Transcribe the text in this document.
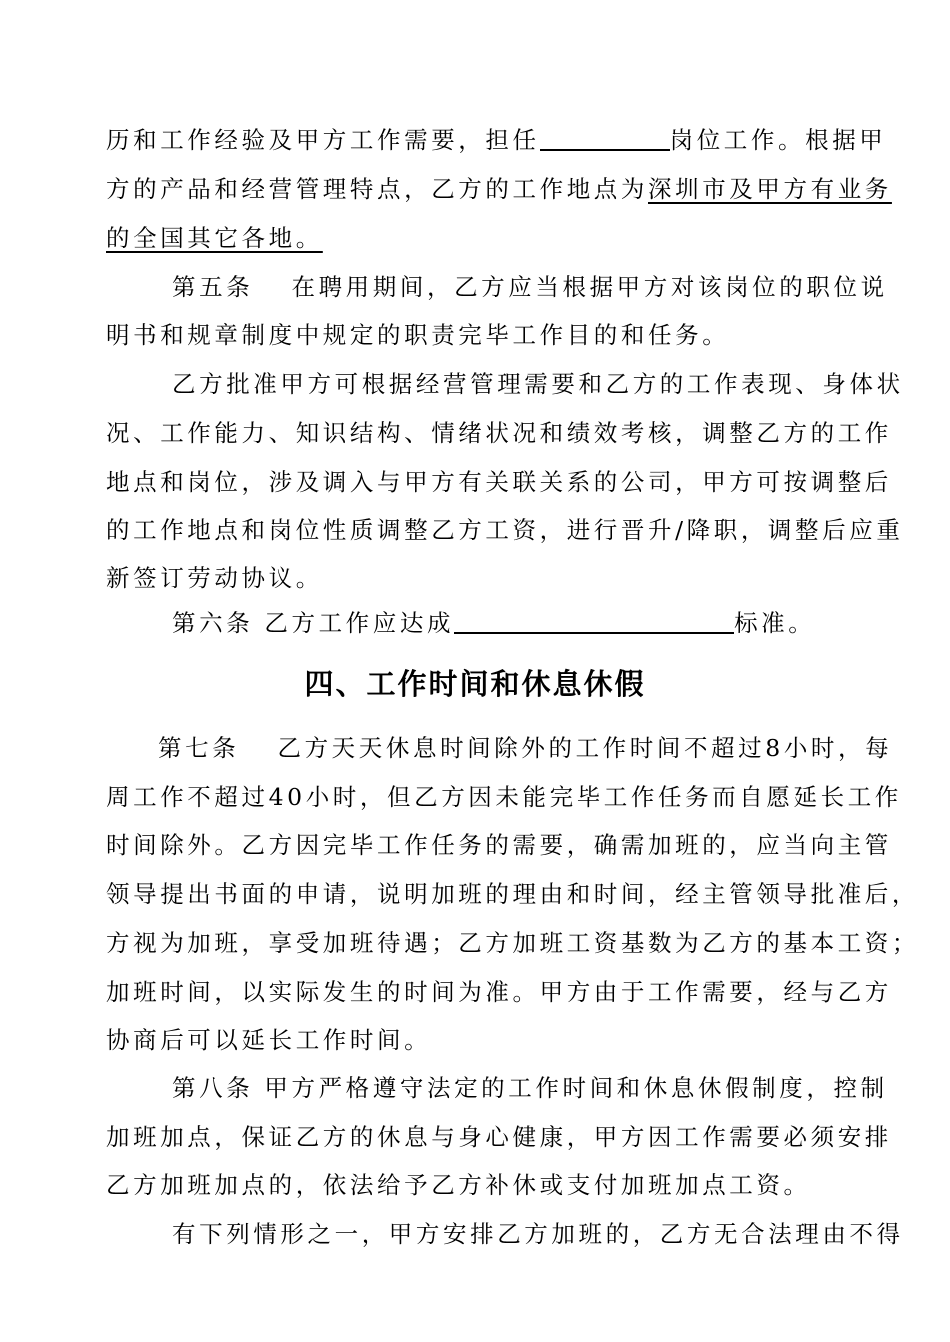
历和工作经验及甲方工作需要，担任	岗位工作。根据甲
方的产品和经营管理特点，乙方的工作地点为深圳市及甲方有业务
的全国其它各地。
第五条　 在聘用期间，乙方应当根据甲方对该岗位的职位说
明书和规章制度中规定的职责完毕工作目的和任务。
乙方批准甲方可根据经营管理需要和乙方的工作表现、身体状
况、工作能力、知识结构、情绪状况和绩效考核，调整乙方的工作
地点和岗位，涉及调入与甲方有关联关系的公司，甲方可按调整后
的工作地点和岗位性质调整乙方工资，进行晋升/降职，调整后应重
新签订劳动协议。
第六条 乙方工作应达成	标准。
四、工作时间和休息休假
第七条　 乙方天天休息时间除外的工作时间不超过8小时，每
周工作不超过40小时，但乙方因未能完毕工作任务而自愿延长工作
时间除外。乙方因完毕工作任务的需要，确需加班的，应当向主管
领导提出书面的申请，说明加班的理由和时间，经主管领导批准后，
方视为加班，享受加班待遇；乙方加班工资基数为乙方的基本工资；
加班时间，以实际发生的时间为准。甲方由于工作需要，经与乙方
协商后可以延长工作时间。
第八条 甲方严格遵守法定的工作时间和休息休假制度，控制
加班加点，保证乙方的休息与身心健康，甲方因工作需要必须安排
乙方加班加点的，依法给予乙方补休或支付加班加点工资。
有下列情形之一，甲方安排乙方加班的，乙方无合法理由不得
